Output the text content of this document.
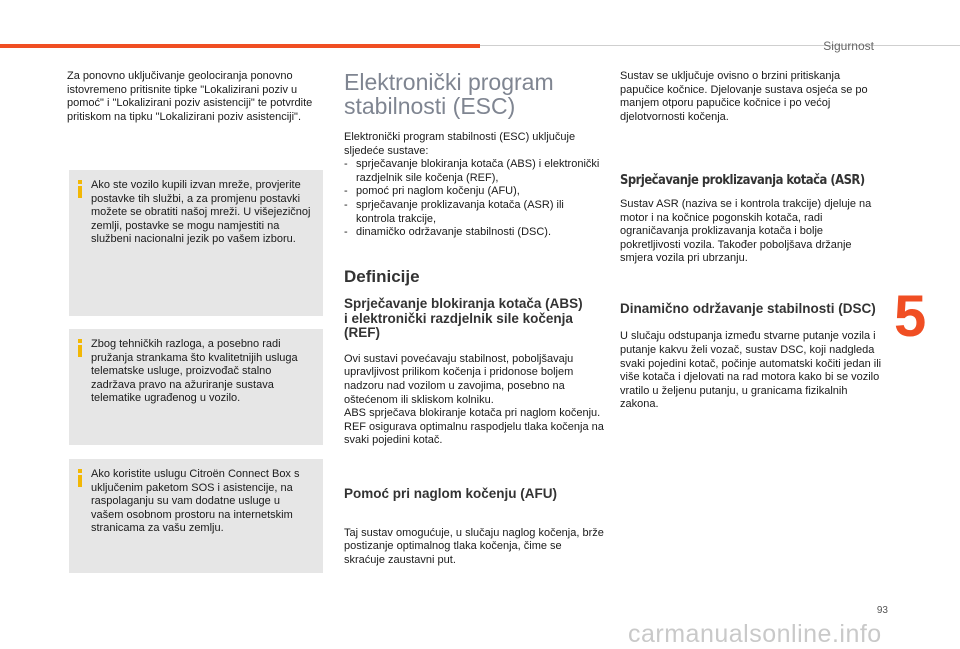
Sigurnost
5

Za ponovno uključivanje geolociranja ponovno istovremeno pritisnite tipke "Lokalizirani poziv u pomoć" i "Lokalizirani poziv asistenciji" te potvrdite pritiskom na tipku "Lokalizirani poziv asistenciji".

Ako ste vozilo kupili izvan mreže, provjerite postavke tih službi, a za promjenu postavki možete se obratiti našoj mreži. U višejezičnoj zemlji, postavke se mogu namjestiti na službeni nacionalni jezik po vašem izboru.

Zbog tehničkih razloga, a posebno radi pružanja strankama što kvalitetnijih usluga telematske usluge, proizvođač stalno zadržava pravo na ažuriranje sustava telematike ugrađenog u vozilo.

Ako koristite uslugu Citroën Connect Box s uključenim paketom SOS i asistencije, na raspolaganju su vam dodatne usluge u vašem osobnom prostoru na internetskim stranicama za vašu zemlju.

Elektronički program stabilnosti (ESC)

Elektronički program stabilnosti (ESC) uključuje sljedeće sustave:

- sprječavanje blokiranja kotača (ABS) i elektronički razdjelnik sile kočenja (REF),
- pomoć pri naglom kočenju (AFU),
- sprječavanje proklizavanja kotača (ASR) ili kontrola trakcije,
- dinamičko održavanje stabilnosti (DSC).
Definicije
Sprječavanje blokiranja kotača (ABS) i elektronički razdjelnik sile kočenja (REF)

Ovi sustavi povećavaju stabilnost, poboljšavaju upravljivost prilikom kočenja i pridonose boljem nadzoru nad vozilom u zavojima, posebno na oštećenom ili skliskom kolniku.

ABS sprječava blokiranje kotača pri naglom kočenju.

REF osigurava optimalnu raspodjelu tlaka kočenja na svaki pojedini kotač.

Pomoć pri naglom kočenju (AFU)

Taj sustav omogućuje, u slučaju naglog kočenja, brže postizanje optimalnog tlaka kočenja, čime se skraćuje zaustavni put.

Sustav se uključuje ovisno o brzini pritiskanja papučice kočnice. Djelovanje sustava osjeća se po manjem otporu papučice kočnice i po većoj djelotvornosti kočenja.

Sprječavanje proklizavanja kotača (ASR)

Sustav ASR (naziva se i kontrola trakcije) djeluje na motor i na kočnice pogonskih kotača, radi ograničavanja proklizavanja kotača i bolje pokretljivosti vozila. Također poboljšava držanje smjera vozila pri ubrzanju.

Dinamično održavanje stabilnosti (DSC)

U slučaju odstupanja između stvarne putanje vozila i putanje kakvu želi vozač, sustav DSC, koji nadgleda svaki pojedini kotač, počinje automatski kočiti jedan ili više kotača i djelovati na rad motora kako bi se vozilo vratilo u željenu putanju, u granicama fizikalnih zakona.

93
carmanualsonline.info
